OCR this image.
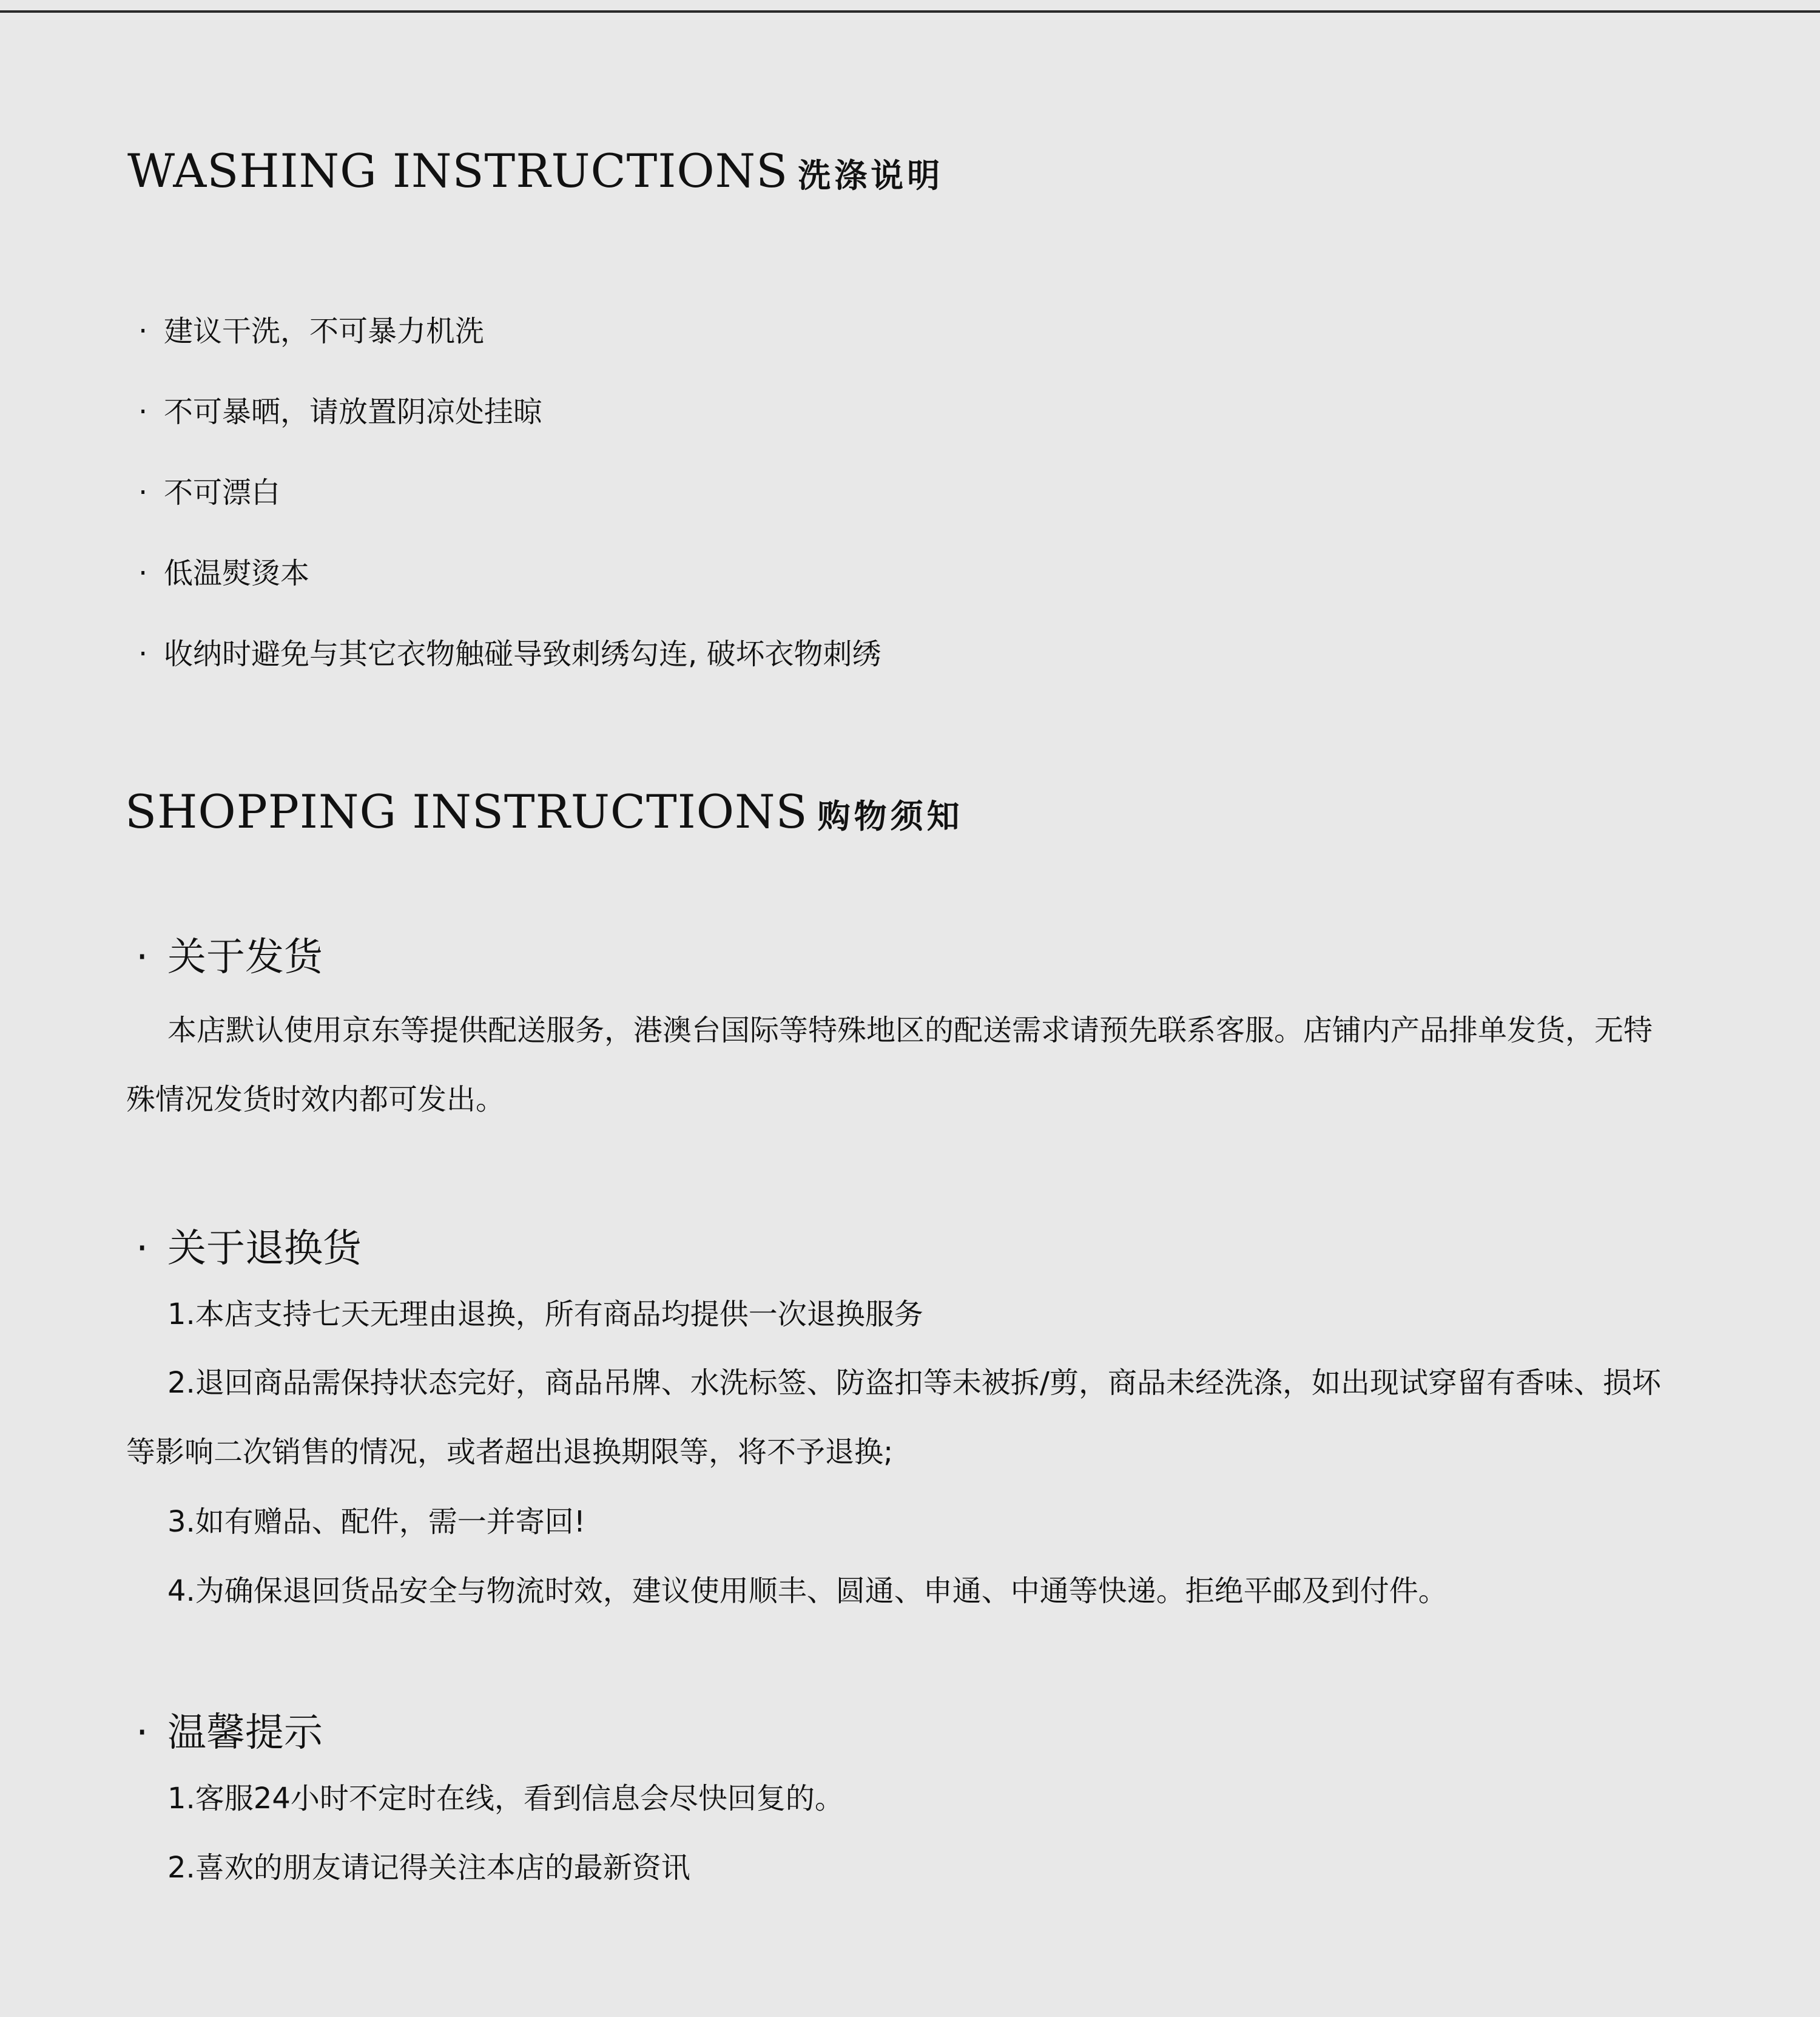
WASHING INSTRUCTIONS 洗涤说明
· 建议干洗，不可暴力机洗
· 不可暴晒，请放置阴凉处挂晾
· 不可漂白
· 低温熨烫本
· 收纳时避免与其它衣物触碰导致刺绣勾连, 破坏衣物刺绣
SHOPPING INSTRUCTIONS 购物须知
· 关于发货

本店默认使用京东等提供配送服务，港澳台国际等特殊地区的配送需求请预先联系客服。店铺内产品排单发货，无特殊情况发货时效内都可发出。

· 关于退换货
1.本店支持七天无理由退换，所有商品均提供一次退换服务

2.退回商品需保持状态完好，商品吊牌、水洗标签、防盗扣等未被拆/剪，商品未经洗涤，如出现试穿留有香味、损坏等影响二次销售的情况，或者超出退换期限等，将不予退换;

3.如有赠品、配件，需一并寄回!
4.为确保退回货品安全与物流时效，建议使用顺丰、圆通、申通、中通等快递。拒绝平邮及到付件。
· 温馨提示
1.客服24小时不定时在线，看到信息会尽快回复的。
2.喜欢的朋友请记得关注本店的最新资讯
